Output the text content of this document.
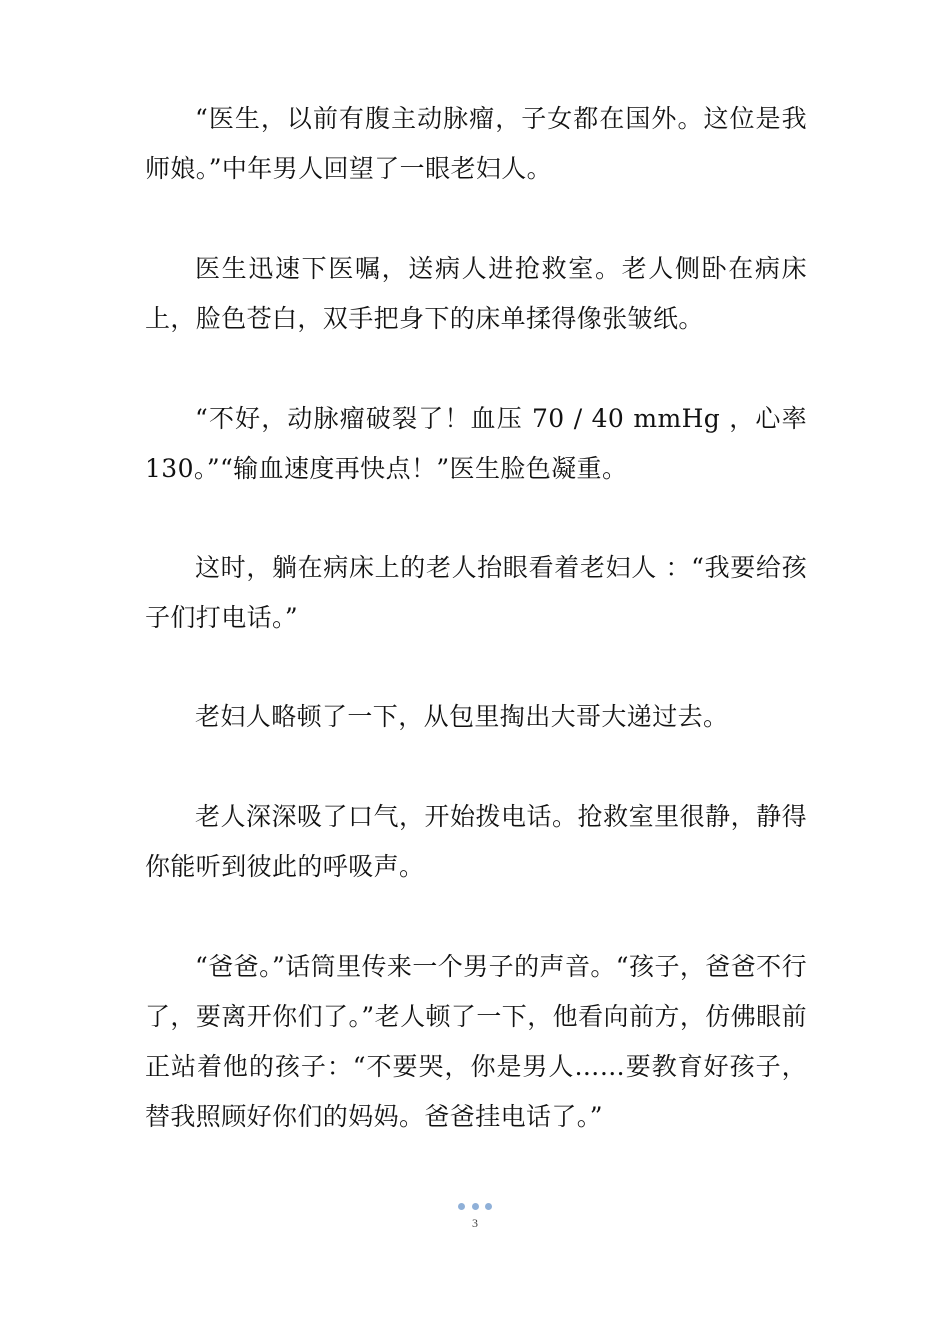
“医生，以前有腹主动脉瘤，子女都在国外。这位是我师娘。”中年男人回望了一眼老妇人。

医生迅速下医嘱，送病人进抢救室。老人侧卧在病床上，脸色苍白，双手把身下的床单揉得像张皱纸。

“不好，动脉瘤破裂了！血压 70 / 40 mmHg ，心率130。”“输血速度再快点！”医生脸色凝重。

这时，躺在病床上的老人抬眼看着老妇人 ：“我要给孩子们打电话。”

老妇人略顿了一下，从包里掏出大哥大递过去。

老人深深吸了口气，开始拨电话。抢救室里很静，静得你能听到彼此的呼吸声。

“爸爸。”话筒里传来一个男子的声音。“孩子，爸爸不行了，要离开你们了。”老人顿了一下，他看向前方，仿佛眼前正站着他的孩子：“不要哭，你是男人……要教育好孩子，替我照顾好你们的妈妈。爸爸挂电话了。”

3
